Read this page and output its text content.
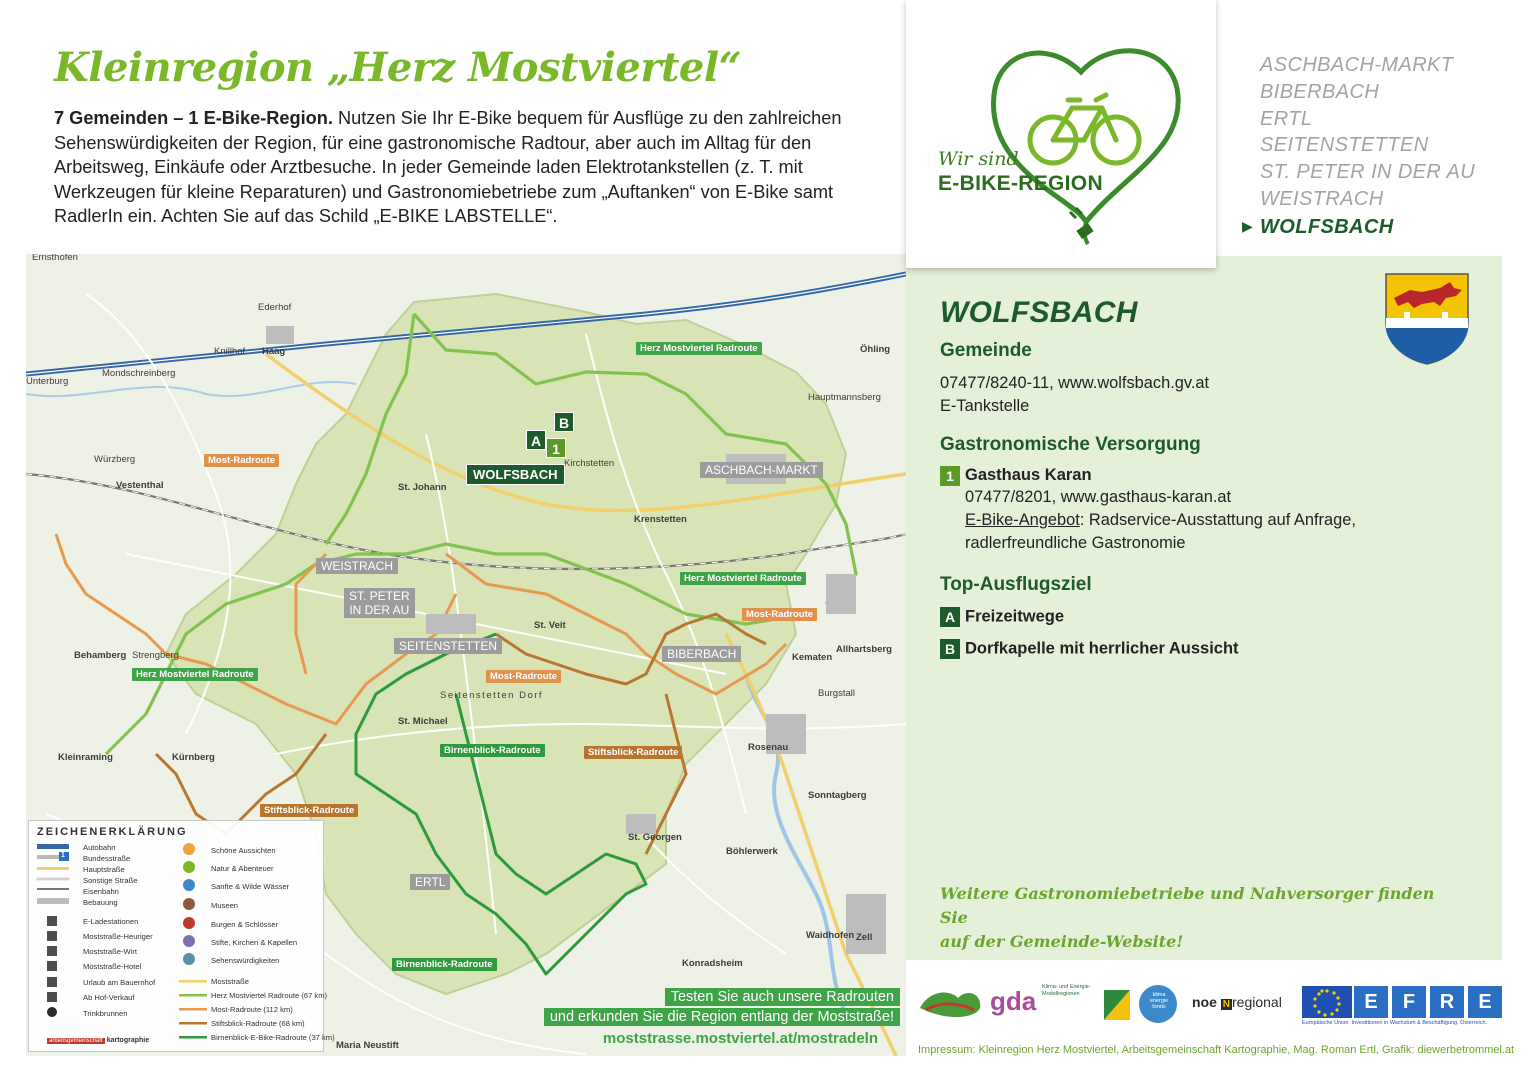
Kleinregion „Herz Mostviertel“

7 Gemeinden – 1 E-Bike-Region. Nutzen Sie Ihr E-Bike bequem für Ausflüge zu den zahlreichen Sehenswürdigkeiten der Region, für eine gastronomische Radtour, aber auch im Alltag für den Arbeitsweg, Einkäufe oder Arztbesuche. In jeder Gemeinde laden Elektrotankstellen (z. T. mit Werkzeugen für kleine Reparaturen) und Gastronomiebetriebe zum „Auftanken“ von E-Bike samt RadlerIn ein. Achten Sie auf das Schild „E-BIKE LABSTELLE“.

Wir sind
E-BIKE-REGION
ASCHBACH-MARKT
BIBERBACH
ERTL
SEITENSTETTEN
ST. PETER IN DER AU
WEISTRACH
▶ WOLFSBACH
WOLFSBACH
Gemeinde
07477/8240-11, www.wolfsbach.gv.at
E-Tankstelle
Gastronomische Versorgung
1 Gasthaus Karan
07477/8201, www.gasthaus-karan.at
E-Bike-Angebot: Radservice-Ausstattung auf Anfrage,
radlerfreundliche Gastronomie
Top-Ausflugsziel
A Freizeitwege
B Dorfkapelle mit herrlicher Aussicht
Weitere Gastronomiebetriebe und Nahversorger finden Sie
auf der Gemeinde-Website!
gda Klima- und Energie-Modellregionen	klima energie fonds	noe N regional	E	F	R	E
Europäische Union Investitionen in Wachstum & Beschäftigung. Österreich.
Impressum: Kleinregion Herz Mostviertel, Arbeitsgemeinschaft Kartographie, Mag. Roman Ertl, Grafik: diewerbetrommel.at
Ernsthofen
Haag
Knillhof
Ederhof
Mondschreinberg
Unterburg
Würzberg
Vestenthal	St. Johann
Kirchstetten
Krenstetten
Öhling
Hauptmannsberg
Behamberg
Kleinraming	Kürnberg
St. Michael
St. Georgen
Böhlerwerk
Sonntagberg
Rosenau
Waidhofen Zell
Konradsheim
Maria Neustift
Kematen
Allhartsberg
Seitenstetten Dorf
St. Veit
Burgstall
Strengberg
ASCHBACH-MARKT
WEISTRACH
ST. PETER
IN DER AU
SEITENSTETTEN
BIBERBACH
ERTL
WOLFSBACH
A
B
1
Herz Mostviertel Radroute
Herz Mostviertel Radroute
Herz Mostviertel Radroute
Most-Radroute
Most-Radroute
Most-Radroute
Stiftsblick-Radroute
Stiftsblick-Radroute
Birnenblick-Radroute
Birnenblick-Radroute
ZEICHENERKLÄRUNG
A1
1
Autobahn
Bundesstraße
Hauptstraße
Sonstige Straße
Eisenbahn
Bebauung
E-Ladestationen
Moststraße-Heuriger
Moststraße-Wirt
Moststraße-Hotel
Urlaub am Bauernhof
Ab Hof-Verkauf
Trinkbrunnen
Schöne Aussichten
Natur & Abenteuer
Sanfte & Wilde Wässer
Museen
Burgen & Schlösser
Stifte, Kirchen & Kapellen
Sehenswürdigkeiten
Moststraße
Herz Mostviertel Radroute (67 km)
Most-Radroute (112 km)
Stiftsblick-Radroute (68 km)
Birnenblick-E-Bike-Radroute (37 km)
arbeitsgemeinschaft kartographie
Testen Sie auch unsere Radrouten
und erkunden Sie die Region entlang der Moststraße!
moststrasse.mostviertel.at/mostradeln
